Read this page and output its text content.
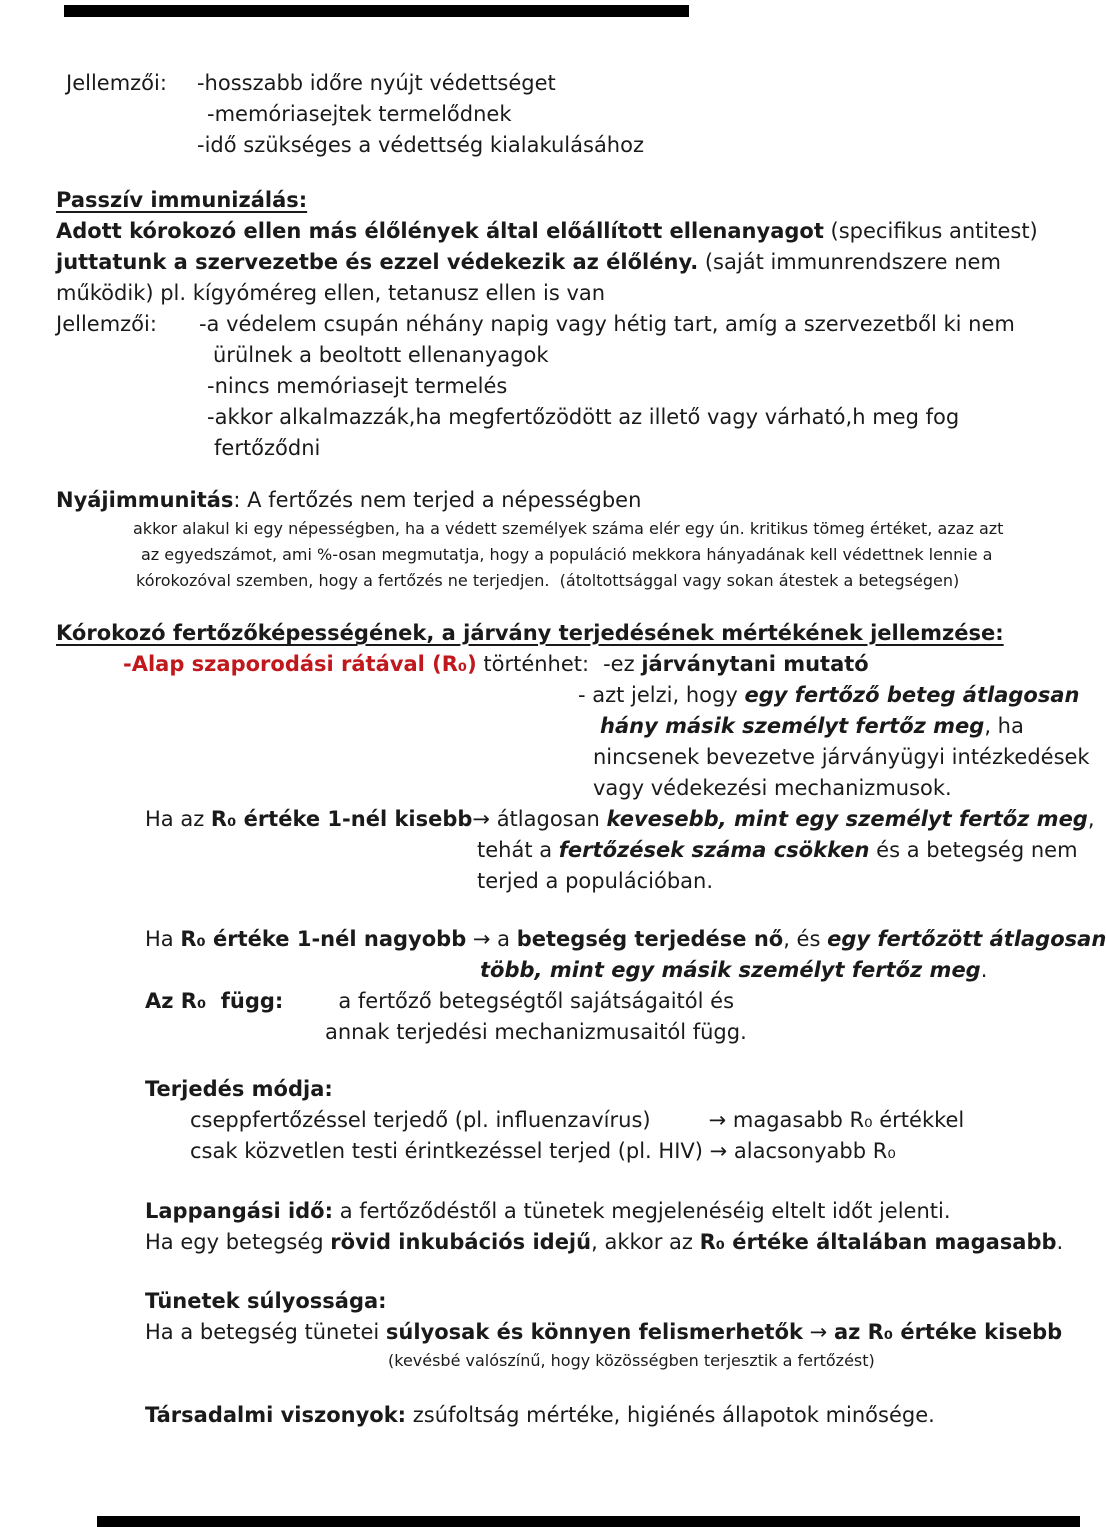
Jellemzői: -hosszabb időre nyújt védettséget
-memóriasejtek termelődnek
-idő szükséges a védettség kialakulásához
Passzív immunizálás:
Adott kórokozó ellen más élőlények által előállított ellenanyagot (specifikus antitest)
juttatunk a szervezetbe és ezzel védekezik az élőlény. (saját immunrendszere nem
működik) pl. kígyóméreg ellen, tetanusz ellen is van
Jellemzői: -a védelem csupán néhány napig vagy hétig tart, amíg a szervezetből ki nem
ürülnek a beoltott ellenanyagok
-nincs memóriasejt termelés
-akkor alkalmazzák,ha megfertőzödött az illető vagy várható,h meg fog
fertőződni
Nyájimmunitás: A fertőzés nem terjed a népességben
akkor alakul ki egy népességben, ha a védett személyek száma elér egy ún. kritikus tömeg értéket, azaz azt
az egyedszámot, ami %-osan megmutatja, hogy a populáció mekkora hányadának kell védettnek lennie a
kórokozóval szemben, hogy a fertőzés ne terjedjen.  (átoltottsággal vagy sokan átestek a betegségen)
Kórokozó fertőzőképességének, a járvány terjedésének mértékének jellemzése:
-Alap szaporodási rátával (R₀) történhet: -ez járványtani mutató
- azt jelzi, hogy egy fertőző beteg átlagosan
hány másik személyt fertőz meg, ha
nincsenek bevezetve járványügyi intézkedések
vagy védekezési mechanizmusok.
Ha az R₀ értéke 1-nél kisebb→ átlagosan kevesebb, mint egy személyt fertőz meg,
tehát a fertőzések száma csökken és a betegség nem
terjed a populációban.
Ha R₀ értéke 1-nél nagyobb → a betegség terjedése nő, és egy fertőzött átlagosan
több, mint egy másik személyt fertőz meg.
Az R₀  függ:	a fertőző betegségtől sajátságaitól és
annak terjedési mechanizmusaitól függ.
Terjedés módja:
cseppfertőzéssel terjedő (pl. influenzavírus)	→ magasabb R₀ értékkel
csak közvetlen testi érintkezéssel terjed (pl. HIV) → alacsonyabb R₀
Lappangási idő: a fertőződéstől a tünetek megjelenéséig eltelt időt jelenti.
Ha egy betegség rövid inkubációs idejű, akkor az R₀ értéke általában magasabb.
Tünetek súlyossága:
Ha a betegség tünetei súlyosak és könnyen felismerhetők → az R₀ értéke kisebb
(kevésbé valószínű, hogy közösségben terjesztik a fertőzést)
Társadalmi viszonyok: zsúfoltság mértéke, higiénés állapotok minősége.
